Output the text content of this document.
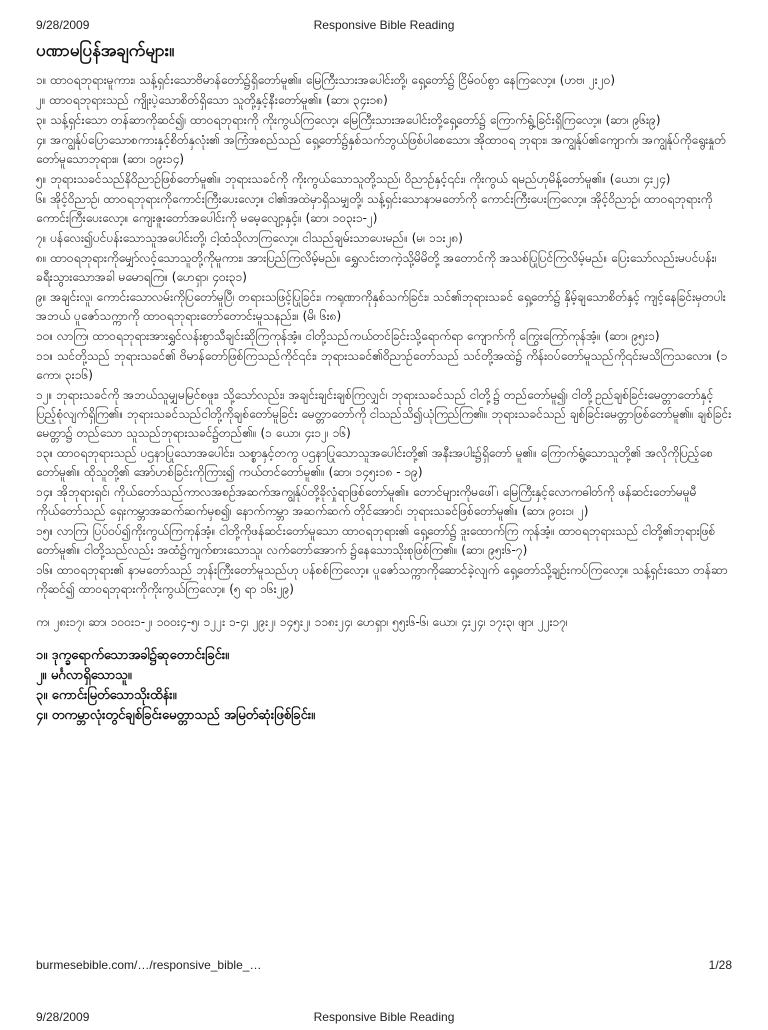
9/28/2009	Responsive Bible Reading
ပဏာမပြန်အချက်များ။

၁။ ထာဝရဘုရားမူကား၊ သန့်ရှင်းသောဗိမာန်တော်၌ရှိတော်မူ၏။ မြေကြီးသားအပေါင်းတို့၊ ရှေ့တော်၌ ငြိမ်ဝပ်စွာ နေကြလော့။ (ဟဗ၊ ၂း၂၀)

၂။ ထာဝရဘုရားသည် ကျိုးပဲ့သောစိတ်ရှိသော သူတို့နှင့်နီးတော်မူ၏။ (ဆာ၊ ၃၄း၁၈)

၃။ သန့်ရှင်းသော တန်ဆာကိုဆင်၍၊ ထာဝရဘုရားကို ကိုးကွယ်ကြလော့၊ မြေကြီးသားအပေါင်းတို့ရှေ့တော်၌ ကြောက်ရွံ့ခြင်းရှိကြလော့။ (ဆာ၊ ၉၆း၉)

၄။ အကျွန်ုပ်ပြောသောစကားနှင့်စိတ်နှလုံး၏ အကြံအစည်သည် ရှေ့တော်၌နှစ်သက်ဘွယ်ဖြစ်ပါစေသော၊ အိုထာဝရ ဘုရား၊ အကျွန်ုပ်၏ကျောက်၊ အကျွန်ုပ်ကိုရွေးနှုတ်တော်မူသောဘုရား။ (ဆာ၊ ၁၉း၁၄)

၅။ ဘုရားသခင်သည်နိဝိညာဉ်ဖြစ်တော်မူ၏။ ဘုရားသခင်ကို ကိုးကွယ်သောသူတို့သည်၊ ဝိညာဉ်နှင့်၎င်း၊ ကိုးကွယ် ရမည်ဟုမိန့်တော်မူ၏။ (ယော၊ ၄း၂၄)

၆။ အိုင့်ဝိညာဉ်၊ ထာဝရဘုရားကိုကောင်းကြီးပေးလော့။ ငါ၏အထဲမှာရှိသမျှတို့၊ သန့်ရှင်းသောနာမတော်ကို ကောင်းကြီးပေးကြလော့။ အိုင့်ဝိညာဉ်၊ ထာဝရဘုရားကိုကောင်းကြီးပေးလော့။ ကျေးဇူးတော်အပေါင်းကို မမေ့လျော့နှင့်။ (ဆာ၊ ၁၀၃း၁-၂)

၇။ ပန်လေး၍ပင်ပန်းသောသူအပေါင်းတို့၊ ငါ့ထံသိုလာကြလော့။ ငါသည်ချမ်းသာပေးမည်။ (မ၊ ၁၁း၂၈)

၈။ ထာဝရဘုရားကိုမျှော်လင့်သောသူတို့ကိုမူကား၊ အားပြည်ကြလိမ့်မည်။ ရွှေလင်းတကဲ့သို့မိမိတို့ အတောင်ကို အသစ်ပြုပြင်ကြလိမ့်မည်။ ပြေးသော်လည်းမပင်ပန်း၊ ခရီးသွားသောအခါ မမောရကြ။ (ဟေရှာ၊ ၄၀း၃၁)

၉။ အချင်းလူ၊ ကောင်းသောလမ်းကိုပြတော်မူပြီ၊ တရားသဖြင့်ပြုခြင်း၊ ကရုဏာကိုနှစ်သက်ခြင်း၊ သင်၏ဘုရားသခင် ရှေ့တော်၌ နှိမ့်ချသောစိတ်နှင့် ကျင့်နေခြင်းမှတပါးအဘယ် ပူဇော်သက္ကာကို ထာဝရဘုရားတော်တောင်းမူသနည်း။ (မိ၊ ၆း၈)

၁၀။ လာကြ၊ ထာဝရဘုရားအားရွှင်လန်းစွာသီချင်းဆိုကြကုန်အံ့။ ငါတို့သည်ကယ်တင်ခြင်းသို့ရောက်ရာ ကျောက်ကို ကြွေးကြော်ကုန်အံ့။ (ဆာ၊ ၉၅း၁)

၁၁။ သင်တို့သည် ဘုရားသခင်၏ ဗိမာန်တော်ဖြစ်ကြသည်ကိုင်၎င်း၊ ဘုရားသခင်၏ဝိညာဉ်တော်သည် သင်တို့အထဲ၌ ကိန်းဝပ်တော်မူသည်ကို၎င်းမသိကြသလော။ (၁ ကော၊ ၃း၁၆)

၁၂။ ဘုရားသခင်ကို အဘယ်သူမျှမမြင်စဖူး၊ သို့သော်လည်း၊ အချင်းချင်းချစ်ကြလျှင်၊ ဘုရားသခင်သည် ငါတို့၌ တည်တော်မူ၍၊ ငါတို့ဥည်ချစ်ခြင်းမေတ္တာတော်နှင့် ပြည့်စုံလျက်ရှိကြ၏။ ဘုရားသခင်သည်ငါတို့ကိုချစ်တော်မူခြင်း မေတ္တာတော်ကို ငါသည်သိ၍ယုံကြည်ကြ၏။ ဘုရားသခင်သည် ချစ်ခြင်းမေတ္တာဖြစ်တော်မူ၏။ ချစ်ခြင်းမေတ္တာ၌ တည်သော သူသည်ဘုရားသခင်၌တည်၏။ (၁ ယော၊ ၄း၁၂၊ ၁၆)

၁၃။ ထာဝရဘုရားသည် ပဌနာပြုသောအပေါင်း၊ သစ္စာနှင့်တကွ ပဌနာပြုသောသူအပေါင်းတို့၏ အနီးအပါး၌ရှိတော် မူ၏။ ကြောက်ရွံ့သောသူတို့၏ အလိုကိုပြည့်စေတော်မူ၏။ ထိုသူတို့၏ အော်ဟစ်ခြင်းကိုကြား၍ ကယ်တင်တော်မူ၏။ (ဆာ၊ ၁၄၅း၁၈ - ၁၉)

၁၄။ အိုဘုရားရှင်၊ ကိုယ်တော်သည်ကာလအစဉ်အဆက်အကျွန်ုပ်တို့ခိုလှုံရာဖြစ်တော်မူ၏။ တောင်များကိုမဖေါ်၊ မြေကြီးနှင့်လောကဓါတ်ကို ဖန်ဆင်းတော်မမူမီ ကိုယ်တော်သည် ရှေးကမ္ဘာအဆက်ဆက်မှစ၍၊ နောက်ကမ္ဘာ အဆက်ဆက် တိုင်အောင်၊ ဘုရားသခင်ဖြစ်တော်မူ၏။ (ဆာ၊ ၉၀း၁၊ ၂)

၁၅။ လာကြ၊ ပြပ်ဝပ်၍ကိုးကွယ်ကြကုန်အံ့။ ငါတို့ကိုဖန်ဆင်းတော်မူသော ထာဝရဘုရား၏ ရှေ့တော်၌ ဒူးထောက်ကြ ကုန်အံ့။ ထာဝရဘုရားသည် ငါတို့၏ဘုရားဖြစ်တော်မူ၏။ ငါတို့သည်လည်း အထံ၌ကျက်စားသောသူ၊ လက်တော်အောက် ၌နေသောသိုးစုဖြစ်ကြ၏။ (ဆာ၊ ၉၅း၆-၇)

၁၆။ ထာဝရဘုရား၏ နာမတော်သည် ဘုန်းကြီးတော်မူသည်ဟု ပန်စစ်ကြလော့။ ပူဇော်သက္ကာကိုဆောင်ခဲ့လျက် ရှေ့တော်သို့ချဉ်းကပ်ကြလော့။ သန့်ရှင်းသော တန်ဆာကိုဆင်၍ ထာဝရဘုရားကိုကိုးကွယ်ကြလော့။ (၅ ရာ ၁၆း၂၉)

က၊ ၂၈း၁၇၊ ဆာ၊ ၁၀၀း၁-၂၊ ၁၀၀း၄-၅၊ ၁၂၂း ၁-၄၊ ၂၉း၂၊ ၁၄၅း၂၊ ၁၁၈း၂၄၊ ဟေရှာ၊ ၅၅း၆-၆၊ ယော၊ ၄း၂၄၊ ၁၇း၃၊ ဖျာ၊ ၂၂း၁၇၊

၁။ ဒုက္ခရောက်သောအခါ၌ဆုတောင်းခြင်း။
၂။ မင်္ဂလာရှိသောသူ။
၃။ ကောင်းမြတ်သောသိုးထိန်း။
၄။ တကမ္ဘာလုံးတွင်ချစ်ခြင်းမေတ္တာသည် အမြတ်ဆုံးဖြစ်ခြင်း။
burmesebible.com/…/responsive_bible_…	1/28
9/28/2009	Responsive Bible Reading
